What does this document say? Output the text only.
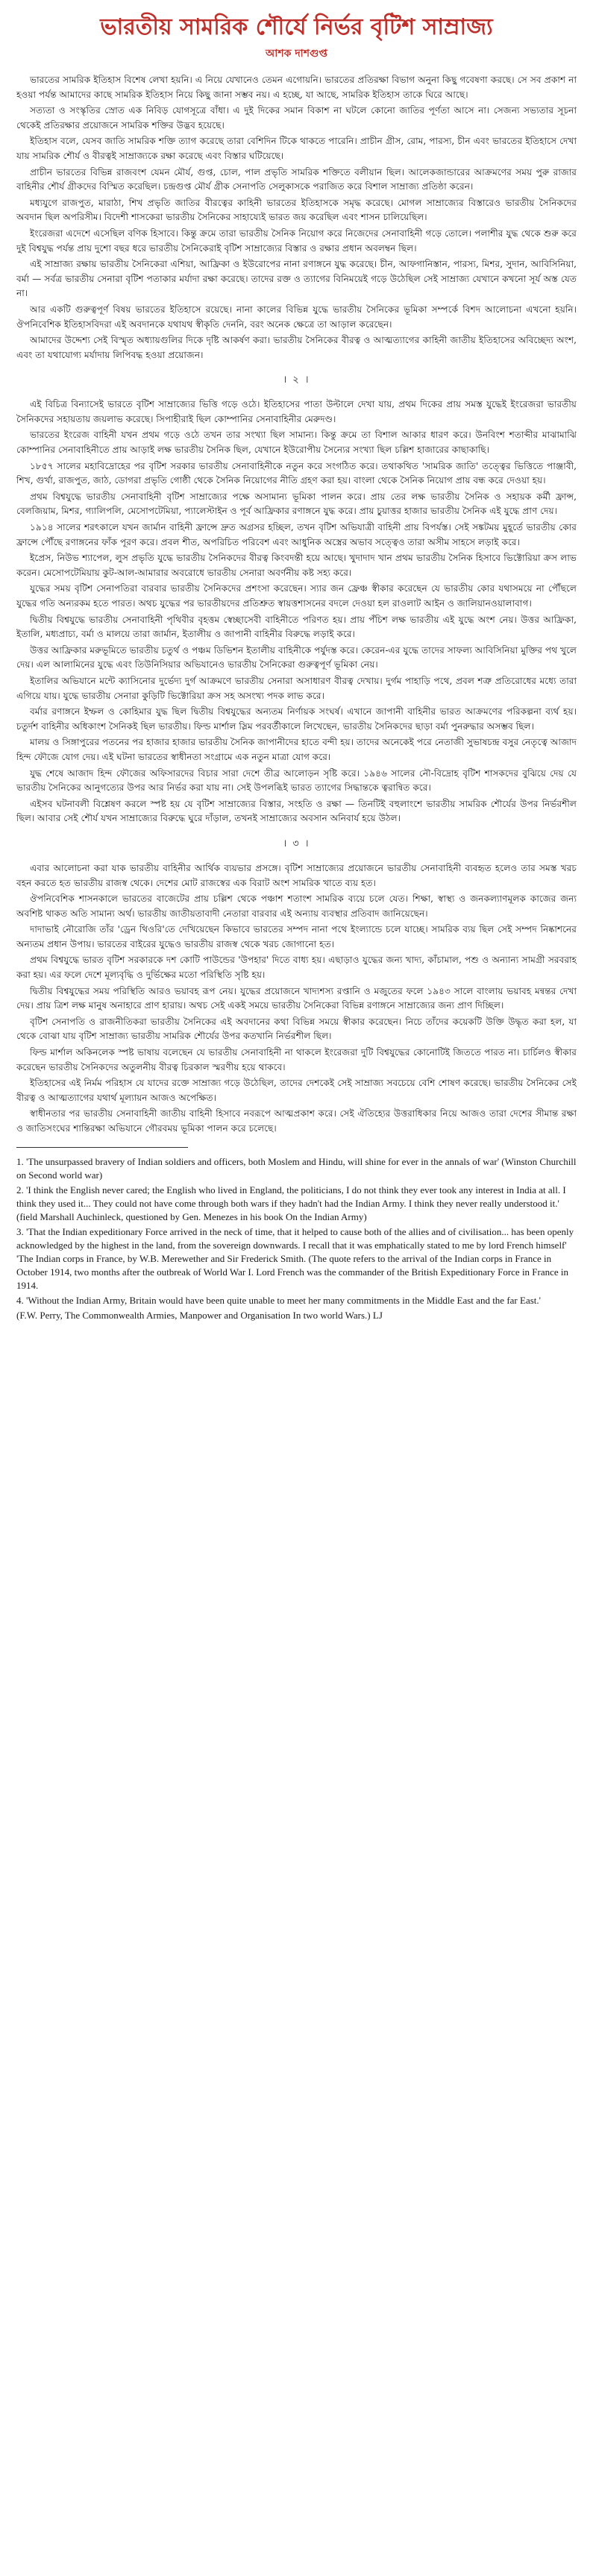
ভারতীয় সামরিক শৌর্যে নির্ভর বৃটিশ সাম্রাজ্য
আশক দাশগুপ্ত

ভারতের সামরিক ইতিহাস বিশেষ লেখা হয়নি। এ নিয়ে যেখানেও তেমন এগোয়নি। ভারতের প্রতিরক্ষা বিভাগ অনুনা কিছু গবেষণা করছে। সে সব প্রকাশ না হওয়া পর্যন্ত আমাদের কাছে সামরিক ইতিহাস নিয়ে কিছু জানা সম্ভব নয়। এ হচ্ছে, যা আছে, সামরিক ইতিহাস তাকে ঘিরে আছে।

সত্যতা ও সংস্কৃতির স্রোত এক নিবিড় যোগসূত্রে বাঁধা। এ দুই দিকের সমান বিকাশ না ঘটলে কোনো জাতির পূর্ণতা আসে না। সেজন্য সভ্যতার সূচনা থেকেই প্রতিরক্ষার প্রয়োজনে সামরিক শক্তির উদ্ভব হয়েছে।

ইতিহাস বলে, যেসব জাতি সামরিক শক্তি ত্যাগ করেছে তারা বেশিদিন টিকে থাকতে পারেনি। প্রাচীন গ্রীস, রোম, পারস্য, চীন এবং ভারতের ইতিহাসে দেখা যায় সামরিক শৌর্য ও বীরত্বই সাম্রাজ্যকে রক্ষা করেছে এবং বিস্তার ঘটিয়েছে।

প্রাচীন ভারতের বিভিন্ন রাজবংশ যেমন মৌর্য, গুপ্ত, চোল, পাল প্রভৃতি সামরিক শক্তিতে বলীয়ান ছিল। আলেকজান্ডারের আক্রমণের সময় পুরু রাজার বাহিনীর শৌর্য গ্রীকদের বিস্মিত করেছিল। চন্দ্রগুপ্ত মৌর্য গ্রীক সেনাপতি সেলুকাসকে পরাজিত করে বিশাল সাম্রাজ্য প্রতিষ্ঠা করেন।

মধ্যযুগে রাজপুত, মারাঠা, শিখ প্রভৃতি জাতির বীরত্বের কাহিনী ভারতের ইতিহাসকে সমৃদ্ধ করেছে। মোগল সাম্রাজ্যের বিস্তারেও ভারতীয় সৈনিকদের অবদান ছিল অপরিসীম। বিদেশী শাসকেরা ভারতীয় সৈনিকের সাহায্যেই ভারত জয় করেছিল এবং শাসন চালিয়েছিল।

ইংরেজরা এদেশে এসেছিল বণিক হিসাবে। কিন্তু ক্রমে তারা ভারতীয় সৈনিক নিয়োগ করে নিজেদের সেনাবাহিনী গড়ে তোলে। পলাশীর যুদ্ধ থেকে শুরু করে দুই বিশ্বযুদ্ধ পর্যন্ত প্রায় দুশো বছর ধরে ভারতীয় সৈনিকেরাই বৃটিশ সাম্রাজ্যের বিস্তার ও রক্ষার প্রধান অবলম্বন ছিল।

এই সাম্রাজ্য রক্ষায় ভারতীয় সৈনিকেরা এশিয়া, আফ্রিকা ও ইউরোপের নানা রণাঙ্গনে যুদ্ধ করেছে। চীন, আফগানিস্তান, পারস্য, মিশর, সুদান, আবিসিনিয়া, বর্মা — সর্বত্র ভারতীয় সেনারা বৃটিশ পতাকার মর্যাদা রক্ষা করেছে। তাদের রক্ত ও ত্যাগের বিনিময়েই গড়ে উঠেছিল সেই সাম্রাজ্য যেখানে কখনো সূর্য অস্ত যেত না।

আর একটি গুরুত্বপূর্ণ বিষয় ভারতের ইতিহাসে রয়েছে। নানা কালের বিভিন্ন যুদ্ধে ভারতীয় সৈনিকের ভূমিকা সম্পর্কে বিশদ আলোচনা এখনো হয়নি। ঔপনিবেশিক ইতিহাসবিদরা এই অবদানকে যথাযথ স্বীকৃতি দেননি, বরং অনেক ক্ষেত্রে তা আড়াল করেছেন।

আমাদের উদ্দেশ্য সেই বিস্মৃত অধ্যায়গুলির দিকে দৃষ্টি আকর্ষণ করা। ভারতীয় সৈনিকের বীরত্ব ও আত্মত্যাগের কাহিনী জাতীয় ইতিহাসের অবিচ্ছেদ্য অংশ, এবং তা যথাযোগ্য মর্যাদায় লিপিবদ্ধ হওয়া প্রয়োজন।

। ২ ।

এই বিচিত্র বিন্যাসেই ভারতে বৃটিশ সাম্রাজ্যের ভিত্তি গড়ে ওঠে। ইতিহাসের পাতা উল্টালে দেখা যায়, প্রথম দিকের প্রায় সমস্ত যুদ্ধেই ইংরেজরা ভারতীয় সৈনিকদের সহায়তায় জয়লাভ করেছে। সিপাহীরাই ছিল কোম্পানির সেনাবাহিনীর মেরুদণ্ড।

ভারতের ইংরেজ বাহিনী যখন প্রথম গড়ে ওঠে তখন তার সংখ্যা ছিল সামান্য। কিন্তু ক্রমে তা বিশাল আকার ধারণ করে। উনবিংশ শতাব্দীর মাঝামাঝি কোম্পানির সেনাবাহিনীতে প্রায় আড়াই লক্ষ ভারতীয় সৈনিক ছিল, যেখানে ইউরোপীয় সৈন্যের সংখ্যা ছিল চল্লিশ হাজারের কাছাকাছি।

১৮৫৭ সালের মহাবিদ্রোহের পর বৃটিশ সরকার ভারতীয় সেনাবাহিনীকে নতুন করে সংগঠিত করে। তথাকথিত 'সামরিক জাতি' তত্ত্বের ভিত্তিতে পাঞ্জাবী, শিখ, গুর্খা, রাজপুত, জাঠ, ডোগরা প্রভৃতি গোষ্ঠী থেকে সৈনিক নিয়োগের নীতি গ্রহণ করা হয়। বাংলা থেকে সৈনিক নিয়োগ প্রায় বন্ধ করে দেওয়া হয়।

প্রথম বিশ্বযুদ্ধে ভারতীয় সেনাবাহিনী বৃটিশ সাম্রাজ্যের পক্ষে অসামান্য ভূমিকা পালন করে। প্রায় তের লক্ষ ভারতীয় সৈনিক ও সহায়ক কর্মী ফ্রান্স, বেলজিয়াম, মিশর, গ্যালিপলি, মেসোপটেমিয়া, প্যালেস্টাইন ও পূর্ব আফ্রিকার রণাঙ্গনে যুদ্ধ করে। প্রায় চুয়াত্তর হাজার ভারতীয় সৈনিক এই যুদ্ধে প্রাণ দেয়।

১৯১৪ সালের শরৎকালে যখন জার্মান বাহিনী ফ্রান্সে দ্রুত অগ্রসর হচ্ছিল, তখন বৃটিশ অভিযাত্রী বাহিনী প্রায় বিপর্যস্ত। সেই সঙ্কটময় মুহূর্তে ভারতীয় কোর ফ্রান্সে পৌঁছে রণাঙ্গনের ফাঁক পূরণ করে। প্রবল শীত, অপরিচিত পরিবেশ এবং আধুনিক অস্ত্রের অভাব সত্ত্বেও তারা অসীম সাহসে লড়াই করে।

ইপ্রেস, নিউভ শ্যাপেল, লুস প্রভৃতি যুদ্ধে ভারতীয় সৈনিকদের বীরত্ব কিংবদন্তী হয়ে আছে। খুদাদাদ খান প্রথম ভারতীয় সৈনিক হিসাবে ভিক্টোরিয়া ক্রস লাভ করেন। মেসোপটেমিয়ায় কুট-আল-আমারার অবরোধে ভারতীয় সেনারা অবর্ণনীয় কষ্ট সহ্য করে।

যুদ্ধের সময় বৃটিশ সেনাপতিরা বারবার ভারতীয় সৈনিকদের প্রশংসা করেছেন। স্যার জন ফ্রেঞ্চ স্বীকার করেছেন যে ভারতীয় কোর যথাসময়ে না পৌঁছলে যুদ্ধের গতি অন্যরকম হতে পারত। অথচ যুদ্ধের পর ভারতীয়দের প্রতিশ্রুত স্বায়ত্তশাসনের বদলে দেওয়া হল রাওলাট আইন ও জালিয়ানওয়ালাবাগ।

দ্বিতীয় বিশ্বযুদ্ধে ভারতীয় সেনাবাহিনী পৃথিবীর বৃহত্তম স্বেচ্ছাসেবী বাহিনীতে পরিণত হয়। প্রায় পঁচিশ লক্ষ ভারতীয় এই যুদ্ধে অংশ নেয়। উত্তর আফ্রিকা, ইতালি, মধ্যপ্রাচ্য, বর্মা ও মালয়ে তারা জার্মান, ইতালীয় ও জাপানী বাহিনীর বিরুদ্ধে লড়াই করে।

উত্তর আফ্রিকার মরুভূমিতে ভারতীয় চতুর্থ ও পঞ্চম ডিভিশন ইতালীয় বাহিনীকে পর্যুদস্ত করে। কেরেন-এর যুদ্ধে তাদের সাফল্য আবিসিনিয়া মুক্তির পথ খুলে দেয়। এল আলামিনের যুদ্ধে এবং তিউনিসিয়ার অভিযানেও ভারতীয় সৈনিকেরা গুরুত্বপূর্ণ ভূমিকা নেয়।

ইতালির অভিযানে মন্টে ক্যাসিনোর দুর্ভেদ্য দুর্গ আক্রমণে ভারতীয় সেনারা অসাধারণ বীরত্ব দেখায়। দুর্গম পাহাড়ি পথে, প্রবল শত্রু প্রতিরোধের মধ্যে তারা এগিয়ে যায়। যুদ্ধে ভারতীয় সেনারা কুড়িটি ভিক্টোরিয়া ক্রস সহ অসংখ্য পদক লাভ করে।

বর্মার রণাঙ্গনে ইম্ফল ও কোহিমার যুদ্ধ ছিল দ্বিতীয় বিশ্বযুদ্ধের অন্যতম নির্ণায়ক সংঘর্ষ। এখানে জাপানী বাহিনীর ভারত আক্রমণের পরিকল্পনা ব্যর্থ হয়। চতুর্দশ বাহিনীর অধিকাংশ সৈনিকই ছিল ভারতীয়। ফিল্ড মার্শাল স্লিম পরবর্তীকালে লিখেছেন, ভারতীয় সৈনিকদের ছাড়া বর্মা পুনরুদ্ধার অসম্ভব ছিল।

মালয় ও সিঙ্গাপুরের পতনের পর হাজার হাজার ভারতীয় সৈনিক জাপানীদের হাতে বন্দী হয়। তাদের অনেকেই পরে নেতাজী সুভাষচন্দ্র বসুর নেতৃত্বে আজাদ হিন্দ ফৌজে যোগ দেয়। এই ঘটনা ভারতের স্বাধীনতা সংগ্রামে এক নতুন মাত্রা যোগ করে।

যুদ্ধ শেষে আজাদ হিন্দ ফৌজের অফিসারদের বিচার সারা দেশে তীব্র আলোড়ন সৃষ্টি করে। ১৯৪৬ সালের নৌ-বিদ্রোহ বৃটিশ শাসকদের বুঝিয়ে দেয় যে ভারতীয় সৈনিকের আনুগত্যের উপর আর নির্ভর করা যায় না। সেই উপলব্ধিই ভারত ত্যাগের সিদ্ধান্তকে ত্বরান্বিত করে।

এইসব ঘটনাবলী বিশ্লেষণ করলে স্পষ্ট হয় যে বৃটিশ সাম্রাজ্যের বিস্তার, সংহতি ও রক্ষা — তিনটিই বহুলাংশে ভারতীয় সামরিক শৌর্যের উপর নির্ভরশীল ছিল। আবার সেই শৌর্য যখন সাম্রাজ্যের বিরুদ্ধে ঘুরে দাঁড়াল, তখনই সাম্রাজ্যের অবসান অনিবার্য হয়ে উঠল।

। ৩ ।

এবার আলোচনা করা যাক ভারতীয় বাহিনীর আর্থিক ব্যয়ভার প্রসঙ্গে। বৃটিশ সাম্রাজ্যের প্রয়োজনে ভারতীয় সেনাবাহিনী ব্যবহৃত হলেও তার সমস্ত খরচ বহন করতে হত ভারতীয় রাজস্ব থেকে। দেশের মোট রাজস্বের এক বিরাট অংশ সামরিক খাতে ব্যয় হত।

ঔপনিবেশিক শাসনকালে ভারতের বাজেটের প্রায় চল্লিশ থেকে পঞ্চাশ শতাংশ সামরিক ব্যয়ে চলে যেত। শিক্ষা, স্বাস্থ্য ও জনকল্যাণমূলক কাজের জন্য অবশিষ্ট থাকত অতি সামান্য অর্থ। ভারতীয় জাতীয়তাবাদী নেতারা বারবার এই অন্যায় ব্যবস্থার প্রতিবাদ জানিয়েছেন।

দাদাভাই নৌরোজি তাঁর 'ড্রেন থিওরি'তে দেখিয়েছেন কিভাবে ভারতের সম্পদ নানা পথে ইংল্যান্ডে চলে যাচ্ছে। সামরিক ব্যয় ছিল সেই সম্পদ নিষ্কাশনের অন্যতম প্রধান উপায়। ভারতের বাইরের যুদ্ধেও ভারতীয় রাজস্ব থেকে খরচ জোগানো হত।

প্রথম বিশ্বযুদ্ধে ভারত বৃটিশ সরকারকে দশ কোটি পাউন্ডের 'উপহার' দিতে বাধ্য হয়। এছাড়াও যুদ্ধের জন্য খাদ্য, কাঁচামাল, পশু ও অন্যান্য সামগ্রী সরবরাহ করা হয়। এর ফলে দেশে মূল্যবৃদ্ধি ও দুর্ভিক্ষের মতো পরিস্থিতি সৃষ্টি হয়।

দ্বিতীয় বিশ্বযুদ্ধের সময় পরিস্থিতি আরও ভয়াবহ রূপ নেয়। যুদ্ধের প্রয়োজনে খাদ্যশস্য রপ্তানি ও মজুতের ফলে ১৯৪৩ সালে বাংলায় ভয়াবহ মন্বন্তর দেখা দেয়। প্রায় ত্রিশ লক্ষ মানুষ অনাহারে প্রাণ হারায়। অথচ সেই একই সময়ে ভারতীয় সৈনিকেরা বিভিন্ন রণাঙ্গনে সাম্রাজ্যের জন্য প্রাণ দিচ্ছিল।

বৃটিশ সেনাপতি ও রাজনীতিকরা ভারতীয় সৈনিকের এই অবদানের কথা বিভিন্ন সময়ে স্বীকার করেছেন। নিচে তাঁদের কয়েকটি উক্তি উদ্ধৃত করা হল, যা থেকে বোঝা যায় বৃটিশ সাম্রাজ্য ভারতীয় সামরিক শৌর্যের উপর কতখানি নির্ভরশীল ছিল।

ফিল্ড মার্শাল অকিনলেক স্পষ্ট ভাষায় বলেছেন যে ভারতীয় সেনাবাহিনী না থাকলে ইংরেজরা দুটি বিশ্বযুদ্ধের কোনোটিই জিততে পারত না। চার্চিলও স্বীকার করেছেন ভারতীয় সৈনিকদের অতুলনীয় বীরত্ব চিরকাল স্মরণীয় হয়ে থাকবে।

ইতিহাসের এই নির্মম পরিহাস যে যাদের রক্তে সাম্রাজ্য গড়ে উঠেছিল, তাদের দেশকেই সেই সাম্রাজ্য সবচেয়ে বেশি শোষণ করেছে। ভারতীয় সৈনিকের সেই বীরত্ব ও আত্মত্যাগের যথার্থ মূল্যায়ন আজও অপেক্ষিত।

স্বাধীনতার পর ভারতীয় সেনাবাহিনী জাতীয় বাহিনী হিসাবে নবরূপে আত্মপ্রকাশ করে। সেই ঐতিহ্যের উত্তরাধিকার নিয়ে আজও তারা দেশের সীমান্ত রক্ষা ও জাতিসংঘের শান্তিরক্ষা অভিযানে গৌরবময় ভূমিকা পালন করে চলেছে।

1. 'The unsurpassed bravery of Indian soldiers and officers, both Moslem and Hindu, will shine for ever in the annals of war' (Winston Churchill on Second world war)

2. 'I think the English never cared; the English who lived in England, the politicians, I do not think they ever took any interest in India at all. I think they used it... They could not have come through both wars if they hadn't had the Indian Army. I think they never really understood it.' (field Marshall Auchinleck, questioned by Gen. Menezes in his book On the Indian Army)

3. 'That the Indian expeditionary Force arrived in the neck of time, that it helped to cause both of the allies and of civilisation... has been openly acknowledged by the highest in the land, from the sovereign downwards. I recall that it was emphatically stated to me by lord French himself' 'The Indian corps in France, by W.B. Merewether and Sir Frederick Smith. (The quote refers to the arrival of the Indian corps in France in October 1914, two months after the outbreak of World War I. Lord French was the commander of the British Expeditionary Force in France in 1914.

4. 'Without the Indian Army, Britain would have been quite unable to meet her many commitments in the Middle East and the far East.'

(F.W. Perry, The Commonwealth Armies, Manpower and Organisation In two world Wars.) LJ
